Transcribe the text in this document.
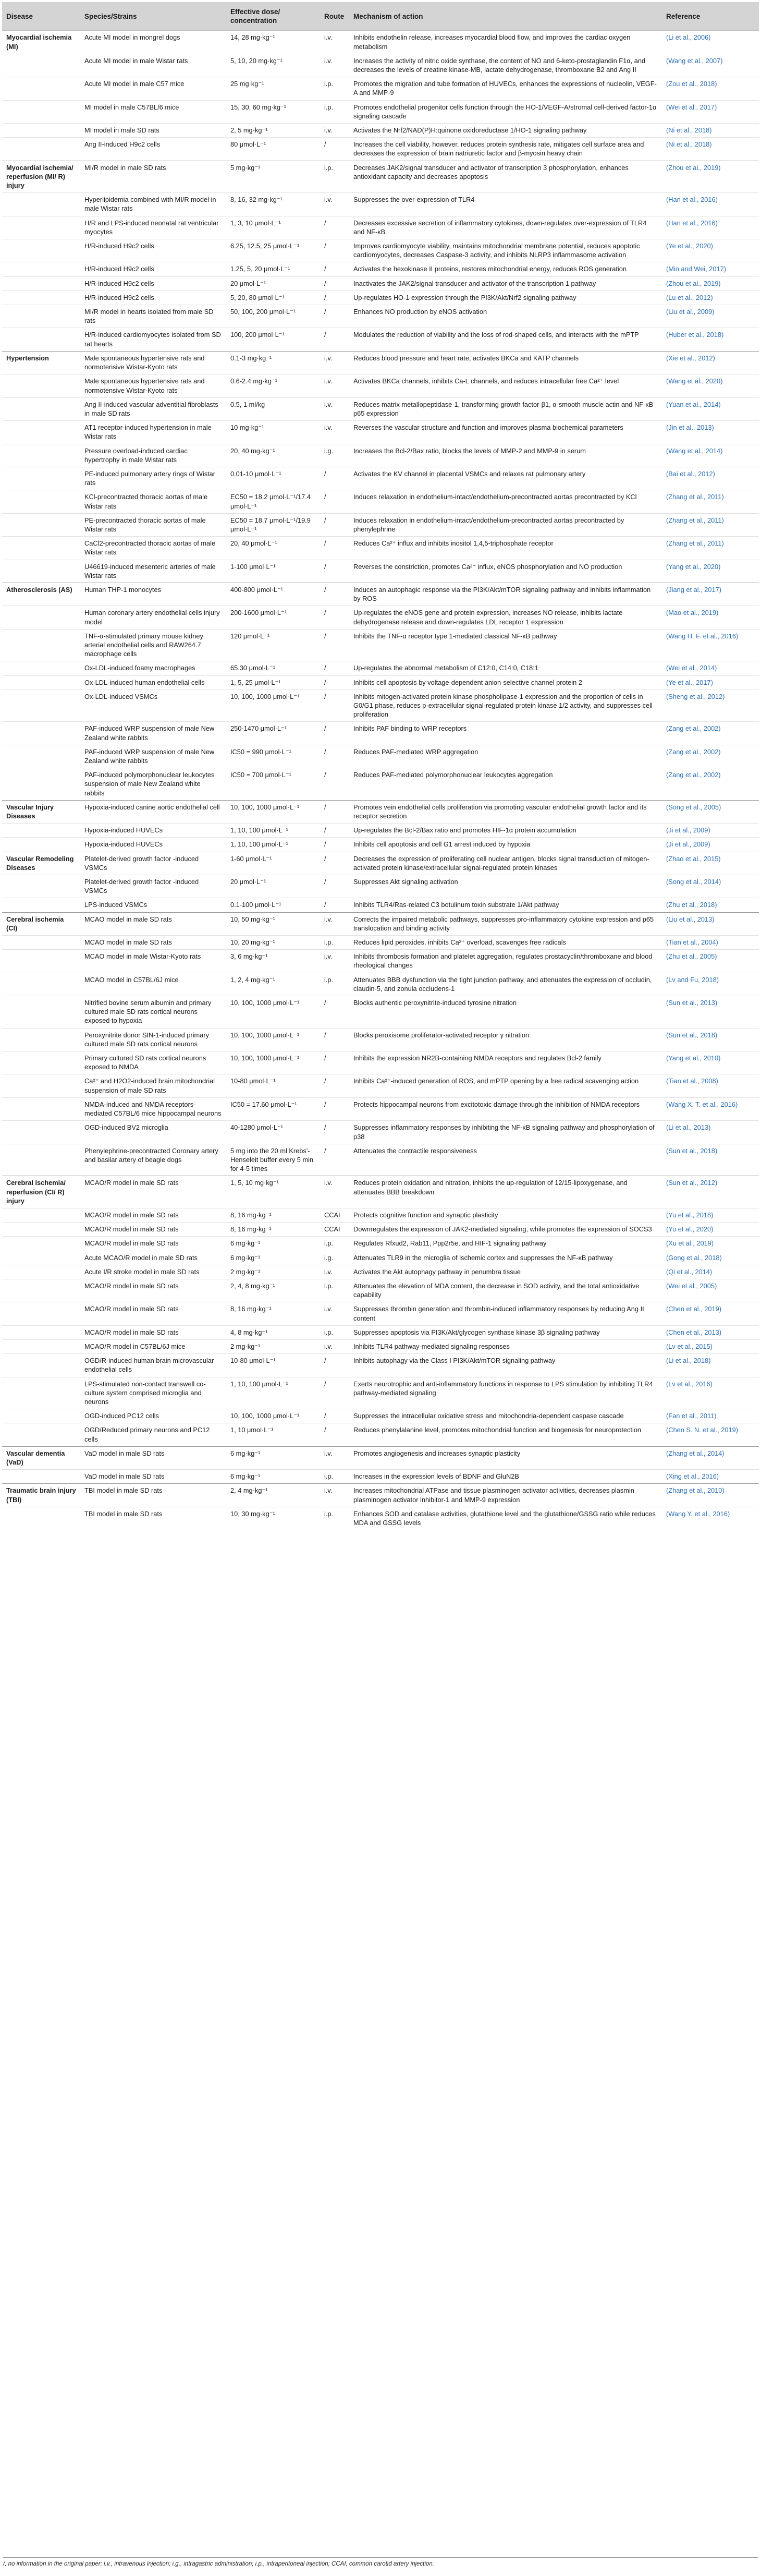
Disease	Species/Strains	Effective dose/ concentration	Route	Mechanism of action	Reference
Myocardial ischemia (MI)	Acute MI model in mongrel dogs	14, 28 mg·kg⁻¹	i.v.	Inhibits endothelin release, increases myocardial blood flow, and improves the cardiac oxygen metabolism	(Li et al., 2006)
	Acute MI model in male Wistar rats	5, 10, 20 mg·kg⁻¹	i.v.	Increases the activity of nitric oxide synthase, the content of NO and 6-keto-prostaglandin F1α, and decreases the levels of creatine kinase-MB, lactate dehydrogenase, thromboxane B2 and Ang II	(Wang et al., 2007)
	Acute MI model in male C57 mice	25 mg·kg⁻¹	i.p.	Promotes the migration and tube formation of HUVECs, enhances the expressions of nucleolin, VEGF-A and MMP-9	(Zou et al., 2018)
	MI model in male C57BL/6 mice	15, 30, 60 mg·kg⁻¹	i.p.	Promotes endothelial progenitor cells function through the HO-1/VEGF-A/stromal cell-derived factor-1α signaling cascade	(Wei et al., 2017)
	MI model in male SD rats	2, 5 mg·kg⁻¹	i.v.	Activates the Nrf2/NAD(P)H:quinone oxidoreductase 1/HO-1 signaling pathway	(Ni et al., 2018)
	Ang II-induced H9c2 cells	80 μmol·L⁻¹	/	Increases the cell viability, however, reduces protein synthesis rate, mitigates cell surface area and decreases the expression of brain natriuretic factor and β-myosin heavy chain	(Ni et al., 2018)
Myocardial ischemia/ reperfusion (MI/ R) injury	MI/R model in male SD rats	5 mg·kg⁻¹	i.p.	Decreases JAK2/signal transducer and activator of transcription 3 phosphorylation, enhances antioxidant capacity and decreases apoptosis	(Zhou et al., 2019)
	Hyperlipidemia combined with MI/R model in male Wistar rats	8, 16, 32 mg·kg⁻¹	i.v.	Suppresses the over-expression of TLR4	(Han et al., 2016)
	H/R and LPS-induced neonatal rat ventricular myocytes	1, 3, 10 μmol·L⁻¹	/	Decreases excessive secretion of inflammatory cytokines, down-regulates over-expression of TLR4 and NF-κB	(Han et al., 2016)
	H/R-induced H9c2 cells	6.25, 12.5, 25 μmol·L⁻¹	/	Improves cardiomyocyte viability, maintains mitochondrial membrane potential, reduces apoptotic cardiomyocytes, decreases Caspase-3 activity, and inhibits NLRP3 inflammasome activation	(Ye et al., 2020)
	H/R-induced H9c2 cells	1.25, 5, 20 μmol·L⁻¹	/	Activates the hexokinase II proteins, restores mitochondrial energy, reduces ROS generation	(Min and Wei, 2017)
	H/R-induced H9c2 cells	20 μmol·L⁻¹	/	Inactivates the JAK2/signal transducer and activator of the transcription 1 pathway	(Zhou et al., 2019)
	H/R-induced H9c2 cells	5, 20, 80 μmol·L⁻¹	/	Up-regulates HO-1 expression through the PI3K/Akt/Nrf2 signaling pathway	(Lu et al., 2012)
	MI/R model in hearts isolated from male SD rats	50, 100, 200 μmol·L⁻¹	/	Enhances NO production by eNOS activation	(Liu et al., 2009)
	H/R-induced cardiomyocytes isolated from SD rat hearts	100, 200 μmol·L⁻¹	/	Modulates the reduction of viability and the loss of rod-shaped cells, and interacts with the mPTP	(Huber et al., 2018)
Hypertension	Male spontaneous hypertensive rats and normotensive Wistar-Kyoto rats	0.1-3 mg·kg⁻¹	i.v.	Reduces blood pressure and heart rate, activates BKCa and KATP channels	(Xie et al., 2012)
	Male spontaneous hypertensive rats and normotensive Wistar-Kyoto rats	0.6-2.4 mg·kg⁻¹	i.v.	Activates BKCa channels, inhibits Ca-L channels, and reduces intracellular free Ca²⁺ level	(Wang et al., 2020)
	Ang II-induced vascular adventitial fibroblasts in male SD rats	0.5, 1 ml/kg	i.v.	Reduces matrix metallopeptidase-1, transforming growth factor-β1, α-smooth muscle actin and NF-κB p65 expression	(Yuan et al., 2014)
	AT1 receptor-induced hypertension in male Wistar rats	10 mg·kg⁻¹	i.v.	Reverses the vascular structure and function and improves plasma biochemical parameters	(Jin et al., 2013)
	Pressure overload-induced cardiac hypertrophy in male Wistar rats	20, 40 mg·kg⁻¹	i.g.	Increases the Bcl-2/Bax ratio, blocks the levels of MMP-2 and MMP-9 in serum	(Wang et al., 2014)
	PE-induced pulmonary artery rings of Wistar rats	0.01-10 μmol·L⁻¹	/	Activates the KV channel in placental VSMCs and relaxes rat pulmonary artery	(Bai et al., 2012)
	KCl-precontracted thoracic aortas of male Wistar rats	EC50 = 18.2 μmol·L⁻¹/17.4 μmol·L⁻¹	/	Induces relaxation in endothelium-intact/endothelium-precontracted aortas precontracted by KCl	(Zhang et al., 2011)
	PE-precontracted thoracic aortas of male Wistar rats	EC50 = 18.7 μmol·L⁻¹/19.9 μmol·L⁻¹	/	Induces relaxation in endothelium-intact/endothelium-precontracted aortas precontracted by phenylephrine	(Zhang et al., 2011)
	CaCl2-precontracted thoracic aortas of male Wistar rats	20, 40 μmol·L⁻¹	/	Reduces Ca²⁺ influx and inhibits inositol 1,4,5-triphosphate receptor	(Zhang et al., 2011)
	U46619-induced mesenteric arteries of male Wistar rats	1-100 μmol·L⁻¹	/	Reverses the constriction, promotes Ca²⁺ influx, eNOS phosphorylation and NO production	(Yang et al., 2020)
Atherosclerosis (AS)	Human THP-1 monocytes	400-800 μmol·L⁻¹	/	Induces an autophagic response via the PI3K/Akt/mTOR signaling pathway and inhibits inflammation by ROS	(Jiang et al., 2017)
	Human coronary artery endothelial cells injury model	200-1600 μmol·L⁻¹	/	Up-regulates the eNOS gene and protein expression, increases NO release, inhibits lactate dehydrogenase release and down-regulates LDL receptor 1 expression	(Mao et al., 2019)
	TNF-α-stimulated primary mouse kidney arterial endothelial cells and RAW264.7 macrophage cells	120 μmol·L⁻¹	/	Inhibits the TNF-α receptor type 1-mediated classical NF-κB pathway	(Wang H. F. et al., 2016)
	Ox-LDL-induced foamy macrophages	65.30 μmol·L⁻¹	/	Up-regulates the abnormal metabolism of C12:0, C14:0, C18:1	(Wei et al., 2014)
	Ox-LDL-induced human endothelial cells	1, 5, 25 μmol·L⁻¹	/	Inhibits cell apoptosis by voltage-dependent anion-selective channel protein 2	(Ye et al., 2017)
	Ox-LDL-induced VSMCs	10, 100, 1000 μmol·L⁻¹	/	Inhibits mitogen-activated protein kinase phospholipase-1 expression and the proportion of cells in G0/G1 phase, reduces p-extracellular signal-regulated protein kinase 1/2 activity, and suppresses cell proliferation	(Sheng et al., 2012)
	PAF-induced WRP suspension of male New Zealand white rabbits	250-1470 μmol·L⁻¹	/	Inhibits PAF binding to WRP receptors	(Zang et al., 2002)
	PAF-induced WRP suspension of male New Zealand white rabbits	IC50 = 990 μmol·L⁻¹	/	Reduces PAF-mediated WRP aggregation	(Zang et al., 2002)
	PAF-induced polymorphonuclear leukocytes suspension of male New Zealand white rabbits	IC50 = 700 μmol·L⁻¹	/	Reduces PAF-mediated polymorphonuclear leukocytes aggregation	(Zang et al., 2002)
Vascular Injury Diseases	Hypoxia-induced canine aortic endothelial cell	10, 100, 1000 μmol·L⁻¹	/	Promotes vein endothelial cells proliferation via promoting vascular endothelial growth factor and its receptor secretion	(Song et al., 2005)
	Hypoxia-induced HUVECs	1, 10, 100 μmol·L⁻¹	/	Up-regulates the Bcl-2/Bax ratio and promotes HIF-1α protein accumulation	(Ji et al., 2009)
	Hypoxia-induced HUVECs	1, 10, 100 μmol·L⁻¹	/	Inhibits cell apoptosis and cell G1 arrest induced by hypoxia	(Ji et al., 2009)
Vascular Remodeling Diseases	Platelet-derived growth factor -induced VSMCs	1-60 μmol·L⁻¹	/	Decreases the expression of proliferating cell nuclear antigen, blocks signal transduction of mitogen-activated protein kinase/extracellular signal-regulated protein kinases	(Zhao et al., 2015)
	Platelet-derived growth factor -induced VSMCs	20 μmol·L⁻¹	/	Suppresses Akt signaling activation	(Song et al., 2014)
	LPS-induced VSMCs	0.1-100 μmol·L⁻¹	/	Inhibits TLR4/Ras-related C3 botulinum toxin substrate 1/Akt pathway	(Zhu et al., 2018)
Cerebral ischemia (CI)	MCAO model in male SD rats	10, 50 mg·kg⁻¹	i.v.	Corrects the impaired metabolic pathways, suppresses pro-inflammatory cytokine expression and p65 translocation and binding activity	(Liu et al., 2013)
	MCAO model in male SD rats	10, 20 mg·kg⁻¹	i.p.	Reduces lipid peroxides, inhibits Ca²⁺ overload, scavenges free radicals	(Tian et al., 2004)
	MCAO model in male Wistar-Kyoto rats	3, 6 mg·kg⁻¹	i.v.	Inhibits thrombosis formation and platelet aggregation, regulates prostacyclin/thromboxane and blood rheological changes	(Zhu et al., 2005)
	MCAO model in C57BL/6J mice	1, 2, 4 mg·kg⁻¹	i.p.	Attenuates BBB dysfunction via the tight junction pathway, and attenuates the expression of occludin, claudin-5, and zonula occludens-1	(Lv and Fu, 2018)
	Nitrified bovine serum albumin and primary cultured male SD rats cortical neurons exposed to hypoxia	10, 100, 1000 μmol·L⁻¹	/	Blocks authentic peroxynitrite-induced tyrosine nitration	(Sun et al., 2013)
	Peroxynitrite donor SIN-1-induced primary cultured male SD rats cortical neurons	10, 100, 1000 μmol·L⁻¹	/	Blocks peroxisome proliferator-activated receptor γ nitration	(Sun et al., 2018)
	Primary cultured SD rats cortical neurons exposed to NMDA	10, 100, 1000 μmol·L⁻¹	/	Inhibits the expression NR2B-containing NMDA receptors and regulates Bcl-2 family	(Yang et al., 2010)
	Ca²⁺ and H2O2-induced brain mitochondrial suspension of male SD rats	10-80 μmol·L⁻¹	/	Inhibits Ca²⁺-induced generation of ROS, and mPTP opening by a free radical scavenging action	(Tian et al., 2008)
	NMDA-induced and NMDA receptors-mediated C57BL/6 mice hippocampal neurons	IC50 = 17.60 μmol·L⁻¹	/	Protects hippocampal neurons from excitotoxic damage through the inhibition of NMDA receptors	(Wang X. T. et al., 2016)
	OGD-induced BV2 microglia	40-1280 μmol·L⁻¹	/	Suppresses inflammatory responses by inhibiting the NF-κB signaling pathway and phosphorylation of p38	(Li et al., 2013)
	Phenylephrine-precontracted Coronary artery and basilar artery of beagle dogs	5 mg into the 20 ml Krebs'-Henseleit buffer every 5 min for 4-5 times	/	Attenuates the contractile responsiveness	(Sun et al., 2018)
Cerebral ischemia/ reperfusion (CI/ R) injury	MCAO/R model in male SD rats	1, 5, 10 mg·kg⁻¹	i.v.	Reduces protein oxidation and nitration, inhibits the up-regulation of 12/15-lipoxygenase, and attenuates BBB breakdown	(Sun et al., 2012)
	MCAO/R model in male SD rats	8, 16 mg·kg⁻¹	CCAI	Protects cognitive function and synaptic plasticity	(Yu et al., 2018)
	MCAO/R model in male SD rats	8, 16 mg·kg⁻¹	CCAI	Downregulates the expression of JAK2-mediated signaling, while promotes the expression of SOCS3	(Yu et al., 2020)
	MCAO/R model in male SD rats	6 mg·kg⁻¹	i.p.	Regulates Rfxud2, Rab11, Ppp2r5e, and HIF-1 signaling pathway	(Xu et al., 2019)
	Acute MCAO/R model in male SD rats	6 mg·kg⁻¹	i.g.	Attenuates TLR9 in the microglia of ischemic cortex and suppresses the NF-κB pathway	(Gong et al., 2018)
	Acute I/R stroke model in male SD rats	2 mg·kg⁻¹	i.v.	Activates the Akt autophagy pathway in penumbra tissue	(Qi et al., 2014)
	MCAO/R model in male SD rats	2, 4, 8 mg·kg⁻¹	i.p.	Attenuates the elevation of MDA content, the decrease in SOD activity, and the total antioxidative capability	(Wei et al., 2005)
	MCAO/R model in male SD rats	8, 16 mg·kg⁻¹	i.v.	Suppresses thrombin generation and thrombin-induced inflammatory responses by reducing Ang II content	(Chen et al., 2019)
	MCAO/R model in male SD rats	4, 8 mg·kg⁻¹	i.p.	Suppresses apoptosis via PI3K/Akt/glycogen synthase kinase 3β signaling pathway	(Chen et al., 2013)
	MCAO/R model in C57BL/6J mice	2 mg·kg⁻¹	i.v.	Inhibits TLR4 pathway-mediated signaling responses	(Lv et al., 2015)
	OGD/R-induced human brain microvascular endothelial cells	10-80 μmol·L⁻¹	/	Inhibits autophagy via the Class I PI3K/Akt/mTOR signaling pathway	(Li et al., 2018)
	LPS-stimulated non-contact transwell co-culture system comprised microglia and neurons	1, 10, 100 μmol·L⁻¹	/	Exerts neurotrophic and anti-inflammatory functions in response to LPS stimulation by inhibiting TLR4 pathway-mediated signaling	(Lv et al., 2016)
	OGD-induced PC12 cells	10, 100, 1000 μmol·L⁻¹	/	Suppresses the intracellular oxidative stress and mitochondria-dependent caspase cascade	(Fan et al., 2011)
	OGD/Reduced primary neurons and PC12 cells	1, 10 μmol·L⁻¹	/	Reduces phenylalanine level, promotes mitochondrial function and biogenesis for neuroprotection	(Chen S. N. et al., 2019)
Vascular dementia (VaD)	VaD model in male SD rats	6 mg·kg⁻¹	i.v.	Promotes angiogenesis and increases synaptic plasticity	(Zhang et al., 2014)
	VaD model in male SD rats	6 mg·kg⁻¹	i.p.	Increases in the expression levels of BDNF and GluN2B	(Xing et al., 2016)
Traumatic brain injury (TBI)	TBI model in male SD rats	2, 4 mg·kg⁻¹	i.v.	Increases mitochondrial ATPase and tissue plasminogen activator activities, decreases plasmin plasminogen activator inhibitor-1 and MMP-9 expression	(Zhang et al., 2010)
	TBI model in male SD rats	10, 30 mg·kg⁻¹	i.p.	Enhances SOD and catalase activities, glutathione level and the glutathione/GSSG ratio while reduces MDA and GSSG levels	(Wang Y. et al., 2016)
/, no information in the original paper; i.v., intravenous injection; i.g., intragastric administration; i.p., intraperitoneal injection; CCAI, common carotid artery injection.
